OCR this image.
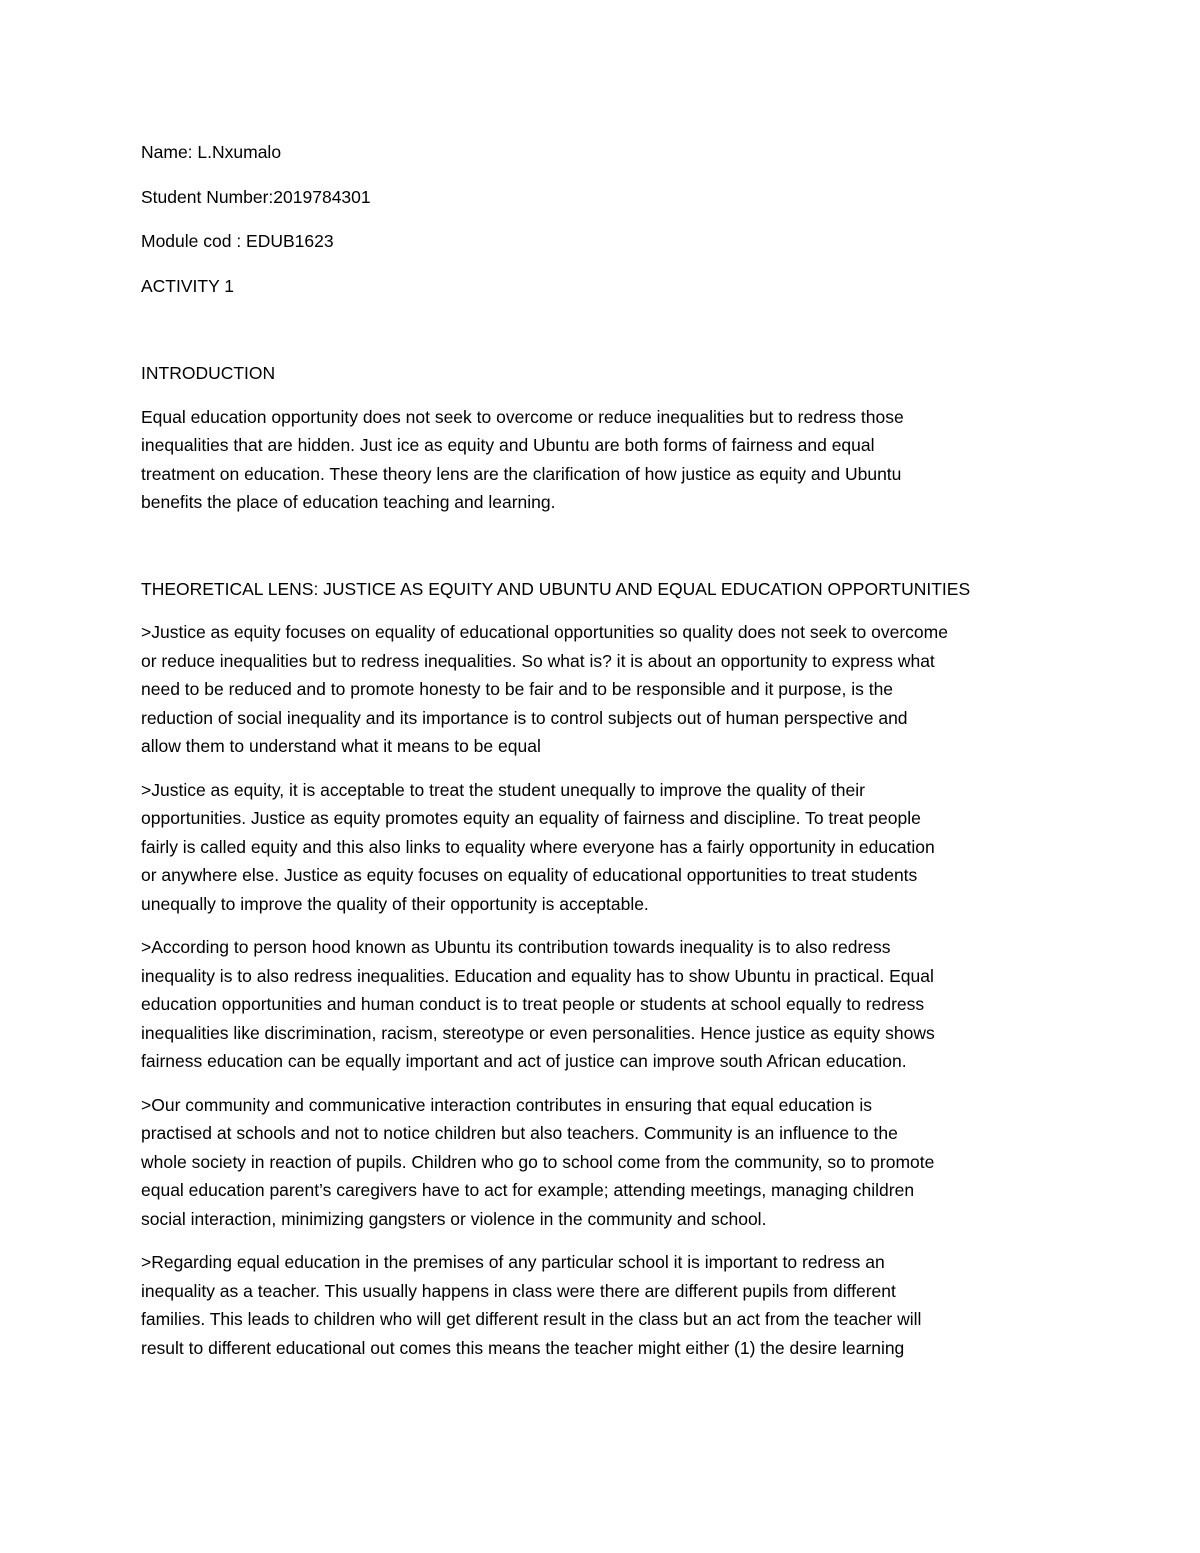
Name: L.Nxumalo

Student Number:2019784301

Module cod : EDUB1623

ACTIVITY 1

INTRODUCTION

Equal education opportunity does not seek to overcome or reduce inequalities but to redress those

inequalities that are hidden. Just ice as equity and Ubuntu are both forms of fairness and equal

treatment on education. These theory lens are the clarification of how justice as equity and Ubuntu

benefits the place of education teaching and learning.

THEORETICAL LENS: JUSTICE AS EQUITY AND UBUNTU AND EQUAL EDUCATION OPPORTUNITIES

>Justice as equity focuses on equality of educational opportunities so quality does not seek to overcome

or reduce inequalities but to redress inequalities. So what is? it is about an opportunity to express what

need to be reduced and to promote honesty to be fair and to be responsible and it purpose, is the

reduction of social inequality and its importance is to control subjects out of human perspective and

allow them to understand what it means to be equal

>Justice as equity, it is acceptable to treat the student unequally to improve the quality of their

opportunities. Justice as equity promotes equity an equality of fairness and discipline. To treat people

fairly is called equity and this also links to equality where everyone has a fairly opportunity in education

or anywhere else. Justice as equity focuses on equality of educational opportunities to treat students

unequally to improve the quality of their opportunity is acceptable.

>According to person hood known as Ubuntu its contribution towards inequality is to also redress

inequality is to also redress inequalities. Education and equality has to show Ubuntu in practical. Equal

education opportunities and human conduct is to treat people or students at school equally to redress

inequalities like discrimination, racism, stereotype or even personalities. Hence justice as equity shows

fairness education can be equally important and act of justice can improve south African education.

>Our community and communicative interaction contributes in ensuring that equal education is

practised at schools and not to notice children but also teachers. Community is an influence to the

whole society in reaction of pupils. Children who go to school come from the community, so to promote

equal education parent’s caregivers have to act for example; attending meetings, managing children

social interaction, minimizing gangsters or violence in the community and school.

>Regarding equal education in the premises of any particular school it is important to redress an

inequality as a teacher. This usually happens in class were there are different pupils from different

families. This leads to children who will get different result in the class but an act from the teacher will

result to different educational out comes this means the teacher might either (1) the desire learning
